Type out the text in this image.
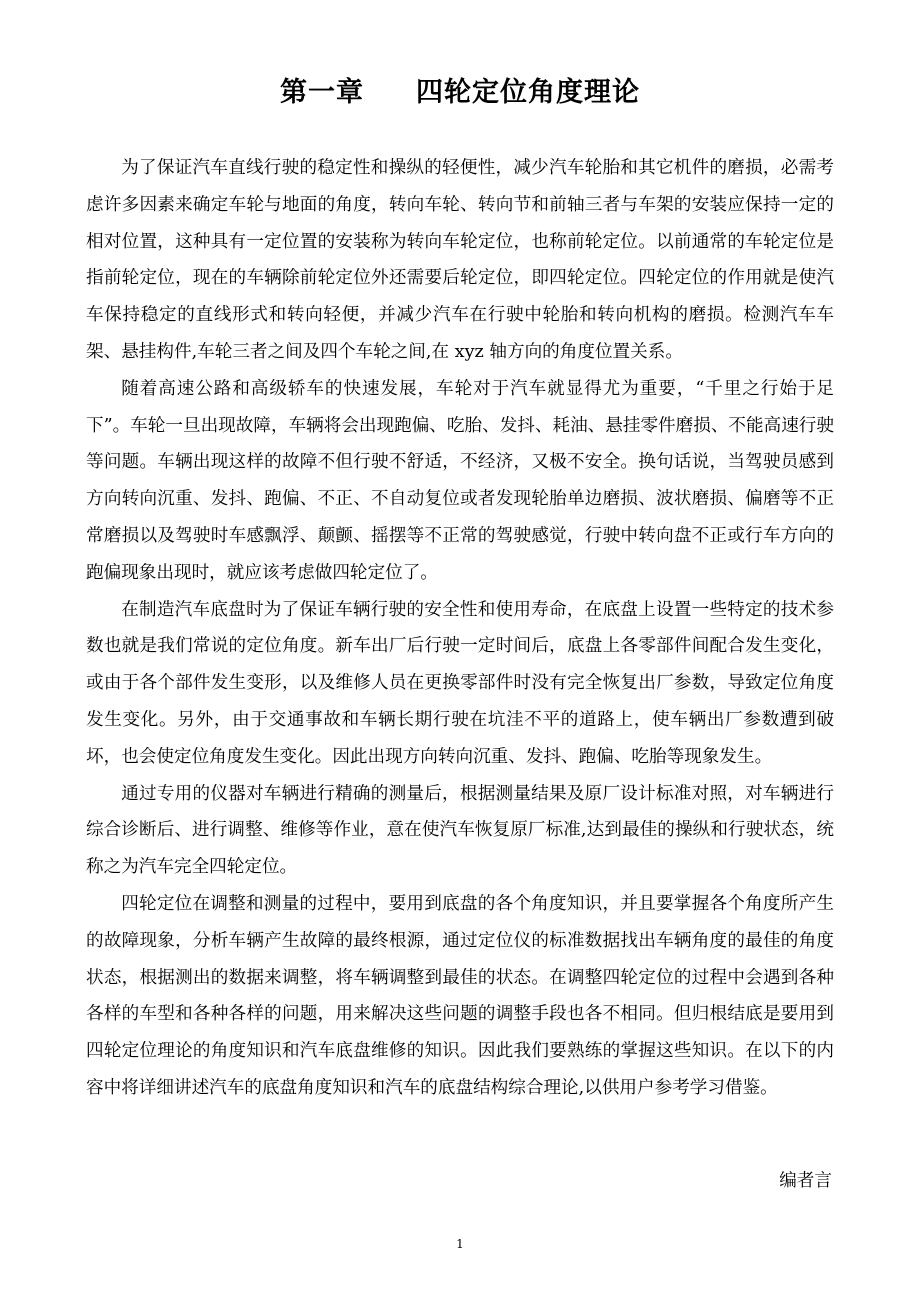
第一章     四轮定位角度理论

为了保证汽车直线行驶的稳定性和操纵的轻便性，减少汽车轮胎和其它机件的磨损，必需考虑许多因素来确定车轮与地面的角度，转向车轮、转向节和前轴三者与车架的安装应保持一定的相对位置，这种具有一定位置的安装称为转向车轮定位，也称前轮定位。以前通常的车轮定位是指前轮定位，现在的车辆除前轮定位外还需要后轮定位，即四轮定位。四轮定位的作用就是使汽车保持稳定的直线形式和转向轻便，并减少汽车在行驶中轮胎和转向机构的磨损。检测汽车车架、悬挂构件,车轮三者之间及四个车轮之间,在 xyz 轴方向的角度位置关系。

随着高速公路和高级轿车的快速发展，车轮对于汽车就显得尤为重要，“千里之行始于足下”。车轮一旦出现故障，车辆将会出现跑偏、吃胎、发抖、耗油、悬挂零件磨损、不能高速行驶等问题。车辆出现这样的故障不但行驶不舒适，不经济，又极不安全。换句话说，当驾驶员感到方向转向沉重、发抖、跑偏、不正、不自动复位或者发现轮胎单边磨损、波状磨损、偏磨等不正常磨损以及驾驶时车感飘浮、颠颤、摇摆等不正常的驾驶感觉，行驶中转向盘不正或行车方向的跑偏现象出现时，就应该考虑做四轮定位了。

在制造汽车底盘时为了保证车辆行驶的安全性和使用寿命，在底盘上设置一些特定的技术参数也就是我们常说的定位角度。新车出厂后行驶一定时间后，底盘上各零部件间配合发生变化，或由于各个部件发生变形，以及维修人员在更换零部件时没有完全恢复出厂参数，导致定位角度发生变化。另外，由于交通事故和车辆长期行驶在坑洼不平的道路上，使车辆出厂参数遭到破坏，也会使定位角度发生变化。因此出现方向转向沉重、发抖、跑偏、吃胎等现象发生。

通过专用的仪器对车辆进行精确的测量后，根据测量结果及原厂设计标准对照，对车辆进行综合诊断后、进行调整、维修等作业，意在使汽车恢复原厂标准,达到最佳的操纵和行驶状态，统称之为汽车完全四轮定位。

四轮定位在调整和测量的过程中，要用到底盘的各个角度知识，并且要掌握各个角度所产生的故障现象，分析车辆产生故障的最终根源，通过定位仪的标准数据找出车辆角度的最佳的角度状态，根据测出的数据来调整，将车辆调整到最佳的状态。在调整四轮定位的过程中会遇到各种各样的车型和各种各样的问题，用来解决这些问题的调整手段也各不相同。但归根结底是要用到四轮定位理论的角度知识和汽车底盘维修的知识。因此我们要熟练的掌握这些知识。在以下的内容中将详细讲述汽车的底盘角度知识和汽车的底盘结构综合理论,以供用户参考学习借鉴。

编者言
1
